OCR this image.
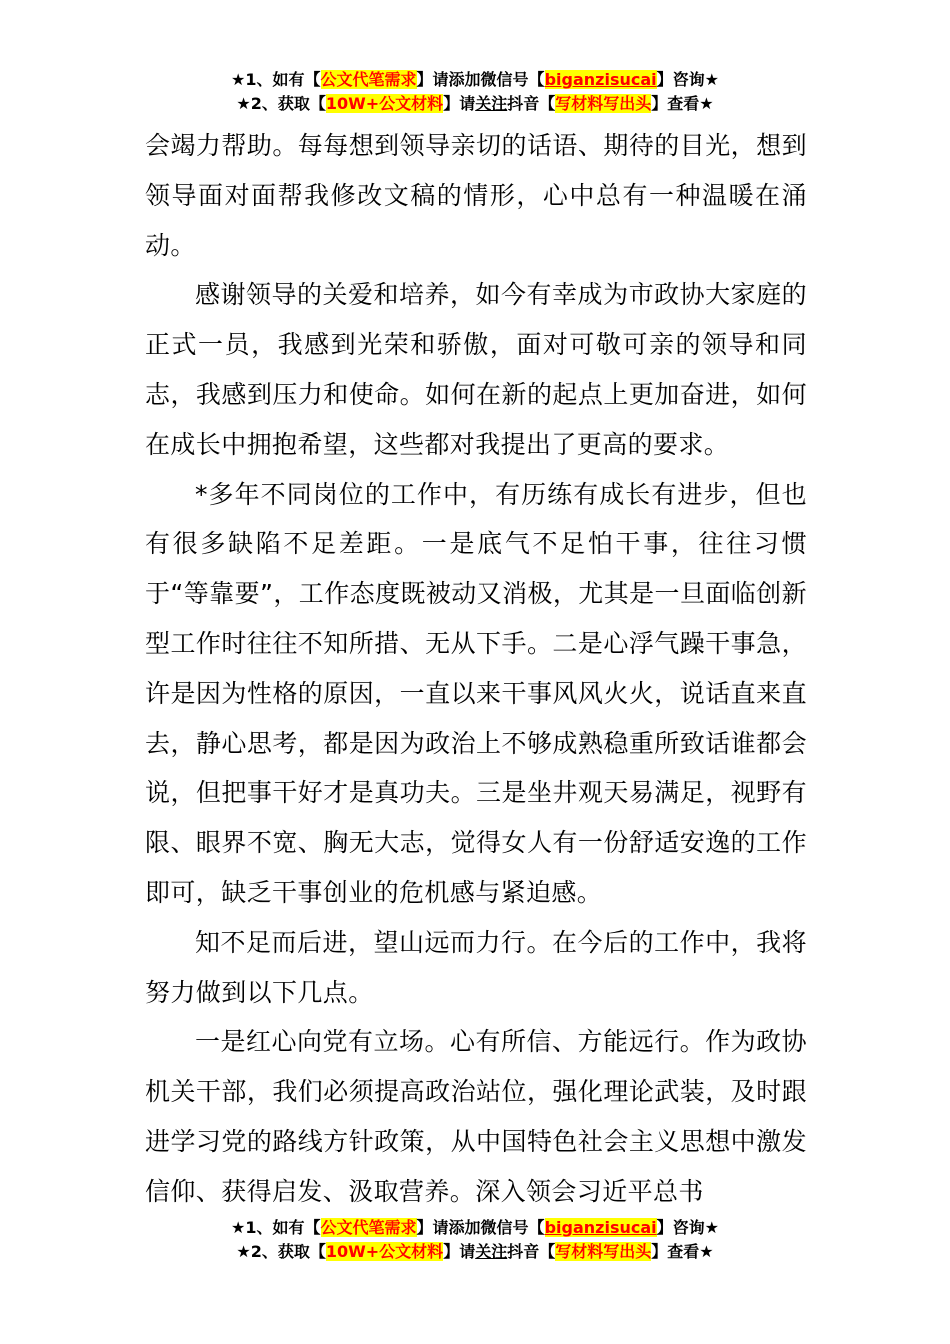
★1、如有【公文代笔需求】请添加微信号【biganzisucai】咨询★
★2、获取【10W+公文材料】请关注抖音【写材料写出头】查看★

会竭力帮助。每每想到领导亲切的话语、期待的目光，想到领导面对面帮我修改文稿的情形，心中总有一种温暖在涌动。

感谢领导的关爱和培养，如今有幸成为市政协大家庭的正式一员，我感到光荣和骄傲，面对可敬可亲的领导和同志，我感到压力和使命。如何在新的起点上更加奋进，如何在成长中拥抱希望，这些都对我提出了更高的要求。

*多年不同岗位的工作中，有历练有成长有进步，但也有很多缺陷不足差距。一是底气不足怕干事，往往习惯于“等靠要”，工作态度既被动又消极，尤其是一旦面临创新型工作时往往不知所措、无从下手。二是心浮气躁干事急，许是因为性格的原因，一直以来干事风风火火，说话直来直去，静心思考，都是因为政治上不够成熟稳重所致话谁都会说，但把事干好才是真功夫。三是坐井观天易满足，视野有限、眼界不宽、胸无大志，觉得女人有一份舒适安逸的工作即可，缺乏干事创业的危机感与紧迫感。

知不足而后进，望山远而力行。在今后的工作中，我将努力做到以下几点。

一是红心向党有立场。心有所信、方能远行。作为政协机关干部，我们必须提高政治站位，强化理论武装，及时跟进学习党的路线方针政策，从中国特色社会主义思想中激发信仰、获得启发、汲取营养。深入领会习近平总书

★1、如有【公文代笔需求】请添加微信号【biganzisucai】咨询★
★2、获取【10W+公文材料】请关注抖音【写材料写出头】查看★
